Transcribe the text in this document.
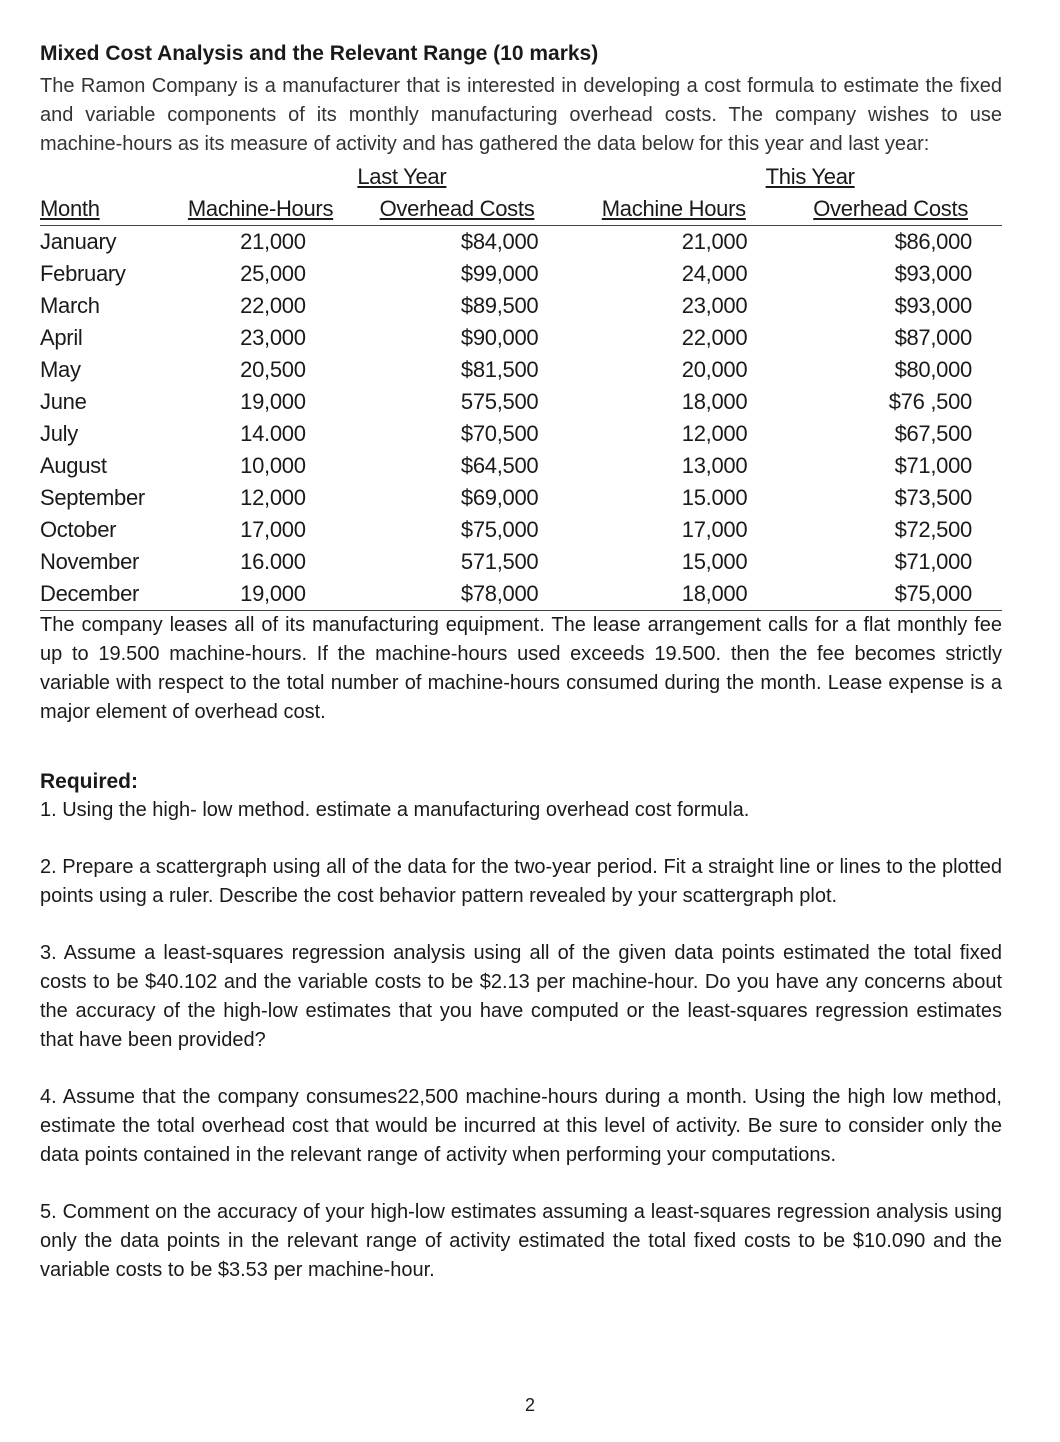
Mixed Cost Analysis and the Relevant Range (10 marks)

The Ramon Company is a manufacturer that is interested in developing a cost formula to estimate the fixed and variable components of its monthly manufacturing overhead costs. The company wishes to use machine-hours as its measure of activity and has gathered the data below for this year and last year:

	Last Year		This Year	
Month	Machine-Hours	Overhead Costs	Machine Hours	Overhead Costs
January	21,000	$84,000	21,000	$86,000
February	25,000	$99,000	24,000	$93,000
March	22,000	$89,500	23,000	$93,000
April	23,000	$90,000	22,000	$87,000
May	20,500	$81,500	20,000	$80,000
June	19,000	575,500	18,000	$76 ,500
July	14.000	$70,500	12,000	$67,500
August	10,000	$64,500	13,000	$71,000
September	12,000	$69,000	15.000	$73,500
October	17,000	$75,000	17,000	$72,500
November	16.000	571,500	15,000	$71,000
December	19,000	$78,000	18,000	$75,000

The company leases all of its manufacturing equipment. The lease arrangement calls for a flat monthly fee up to 19.500 machine-hours. If the machine-hours used exceeds 19.500. then the fee becomes strictly variable with respect to the total number of machine-hours consumed during the month. Lease expense is a major element of overhead cost.

Required:

1. Using the high- low method. estimate a manufacturing overhead cost formula.

2. Prepare a scattergraph using all of the data for the two-year period. Fit a straight line or lines to the plotted points using a ruler. Describe the cost behavior pattern revealed by your scattergraph plot.

3. Assume a least-squares regression analysis using all of the given data points estimated the total fixed costs to be $40.102 and the variable costs to be $2.13 per machine-hour. Do you have any concerns about the accuracy of the high-low estimates that you have computed or the least-squares regression estimates that have been provided?

4. Assume that the company consumes22,500 machine-hours during a month. Using the high low method, estimate the total overhead cost that would be incurred at this level of activity. Be sure to consider only the data points contained in the relevant range of activity when performing your computations.

5. Comment on the accuracy of your high-low estimates assuming a least-squares regression analysis using only the data points in the relevant range of activity estimated the total fixed costs to be $10.090 and the variable costs to be $3.53 per machine-hour.

2
